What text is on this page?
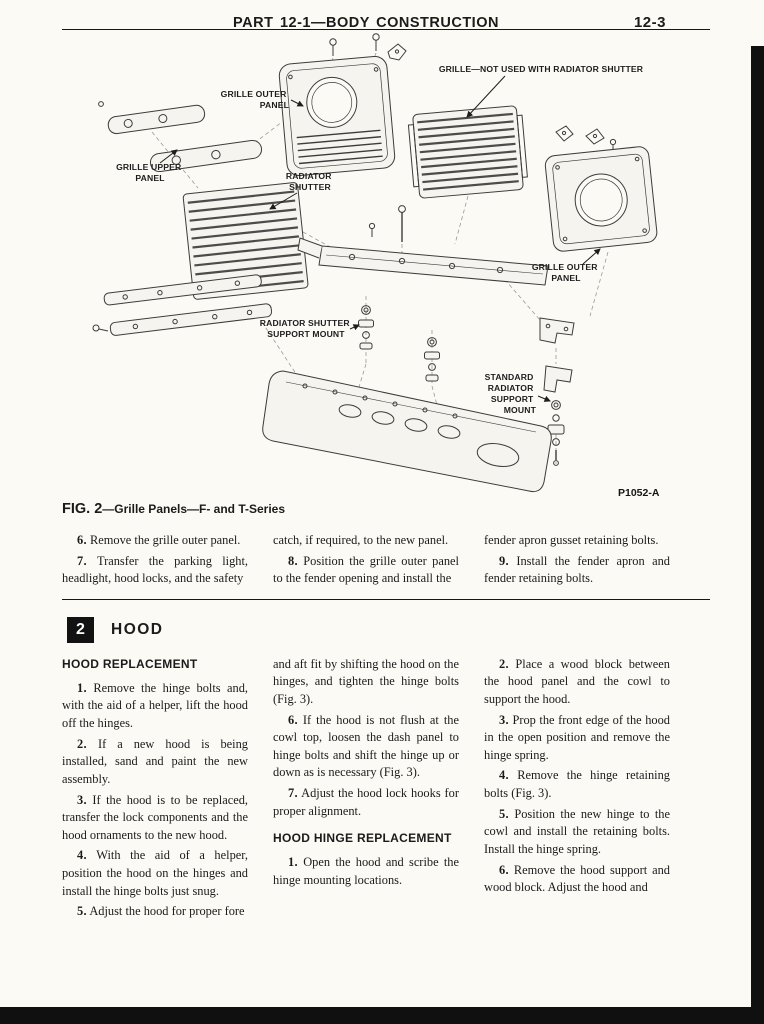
PART 12-1—BODY CONSTRUCTION	12-3
GRILLE—NOT USED WITH RADIATOR SHUTTER
GRILLE OUTER PANEL
GRILLE UPPER PANEL	RADIATOR SHUTTER
GRILLE OUTER PANEL
RADIATOR SHUTTER SUPPORT MOUNT
STANDARD RADIATOR SUPPORT MOUNT
P1052-A
FIG. 2—Grille Panels—F- and T-Series

6. Remove the grille outer panel.

7. Transfer the parking light, headlight, hood locks, and the safety

catch, if required, to the new panel.

8. Position the grille outer panel to the fender opening and install the

fender apron gusset retaining bolts.

9. Install the fender apron and fender retaining bolts.

2	HOOD
HOOD REPLACEMENT

1. Remove the hinge bolts and, with the aid of a helper, lift the hood off the hinges.

2. If a new hood is being installed, sand and paint the new assembly.

3. If the hood is to be replaced, transfer the lock components and the hood ornaments to the new hood.

4. With the aid of a helper, position the hood on the hinges and install the hinge bolts just snug.

5. Adjust the hood for proper fore

and aft fit by shifting the hood on the hinges, and tighten the hinge bolts (Fig. 3).

6. If the hood is not flush at the cowl top, loosen the dash panel to hinge bolts and shift the hinge up or down as is necessary (Fig. 3).

7. Adjust the hood lock hooks for proper alignment.

HOOD HINGE REPLACEMENT

1. Open the hood and scribe the hinge mounting locations.

2. Place a wood block between the hood panel and the cowl to support the hood.

3. Prop the front edge of the hood in the open position and remove the hinge spring.

4. Remove the hinge retaining bolts (Fig. 3).

5. Position the new hinge to the cowl and install the retaining bolts. Install the hinge spring.

6. Remove the hood support and wood block. Adjust the hood and
